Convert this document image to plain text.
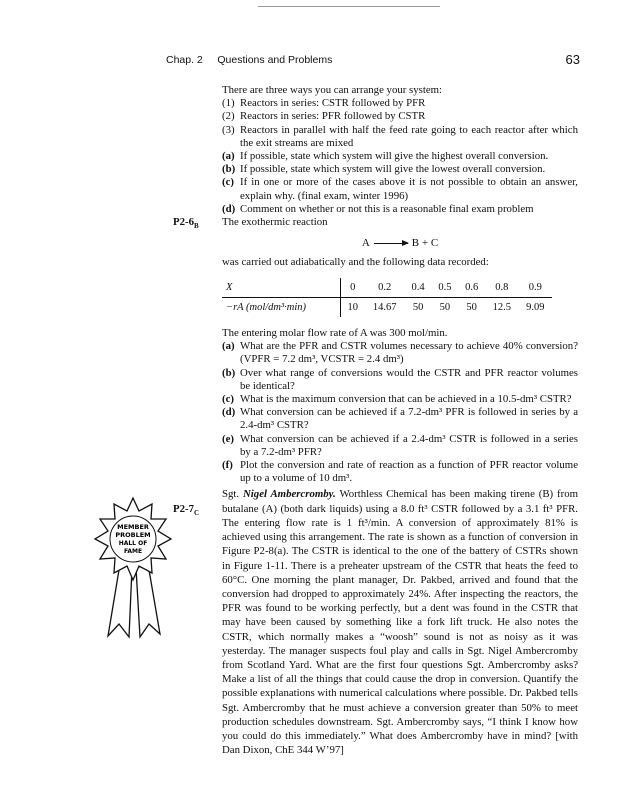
Chap. 2 Questions and Problems	63

There are three ways you can arrange your system:

(1) Reactors in series: CSTR followed by PFR
(2) Reactors in series: PFR followed by CSTR
(3) Reactors in parallel with half the feed rate going to each reactor after which the exit streams are mixed
(a) If possible, state which system will give the highest overall conversion.
(b) If possible, state which system will give the lowest overall conversion.
(c) If in one or more of the cases above it is not possible to obtain an answer, explain why. (final exam, winter 1996)
(d) Comment on whether or not this is a reasonable final exam problem

The exothermic reaction

A → B + C

was carried out adiabatically and the following data recorded:

X	0	0.2	0.4	0.5	0.6	0.8	0.9
−rA (mol/dm³·min)	10	14.67	50	50	50	12.5	9.09

The entering molar flow rate of A was 300 mol/min.

(a) What are the PFR and CSTR volumes necessary to achieve 40% conversion? (VPFR = 7.2 dm³, VCSTR = 2.4 dm³)
(b) Over what range of conversions would the CSTR and PFR reactor volumes be identical?
(c) What is the maximum conversion that can be achieved in a 10.5-dm³ CSTR?
(d) What conversion can be achieved if a 7.2-dm³ PFR is followed in series by a 2.4-dm³ CSTR?
(e) What conversion can be achieved if a 2.4-dm³ CSTR is followed in a series by a 7.2-dm³ PFR?
(f) Plot the conversion and rate of reaction as a function of PFR reactor volume up to a volume of 10 dm³.

Sgt. Nigel Ambercromby. Worthless Chemical has been making tirene (B) from butalane (A) (both dark liquids) using a 8.0 ft³ CSTR followed by a 3.1 ft³ PFR. The entering flow rate is 1 ft³/min. A conversion of approximately 81% is achieved using this arrangement. The rate is shown as a function of conversion in Figure P2-8(a). The CSTR is identical to the one of the battery of CSTRs shown in Figure 1-11. There is a preheater upstream of the CSTR that heats the feed to 60°C. One morning the plant manager, Dr. Pakbed, arrived and found that the conversion had dropped to approximately 24%. After inspecting the reactors, the PFR was found to be working perfectly, but a dent was found in the CSTR that may have been caused by something like a fork lift truck. He also notes the CSTR, which normally makes a “woosh” sound is not as noisy as it was yesterday. The manager suspects foul play and calls in Sgt. Nigel Ambercromby from Scotland Yard. What are the first four questions Sgt. Ambercromby asks? Make a list of all the things that could cause the drop in conversion. Quantify the possible explanations with numerical calculations where possible. Dr. Pakbed tells Sgt. Ambercromby that he must achieve a conversion greater than 50% to meet production schedules downstream. Sgt. Ambercromby says, “I think I know how you could do this immediately.” What does Ambercromby have in mind? [with Dan Dixon, ChE 344 W’97]

$P2-6_B$
$P2-7_C$
MEMBER
PROBLEM
HALL OF
FAME
